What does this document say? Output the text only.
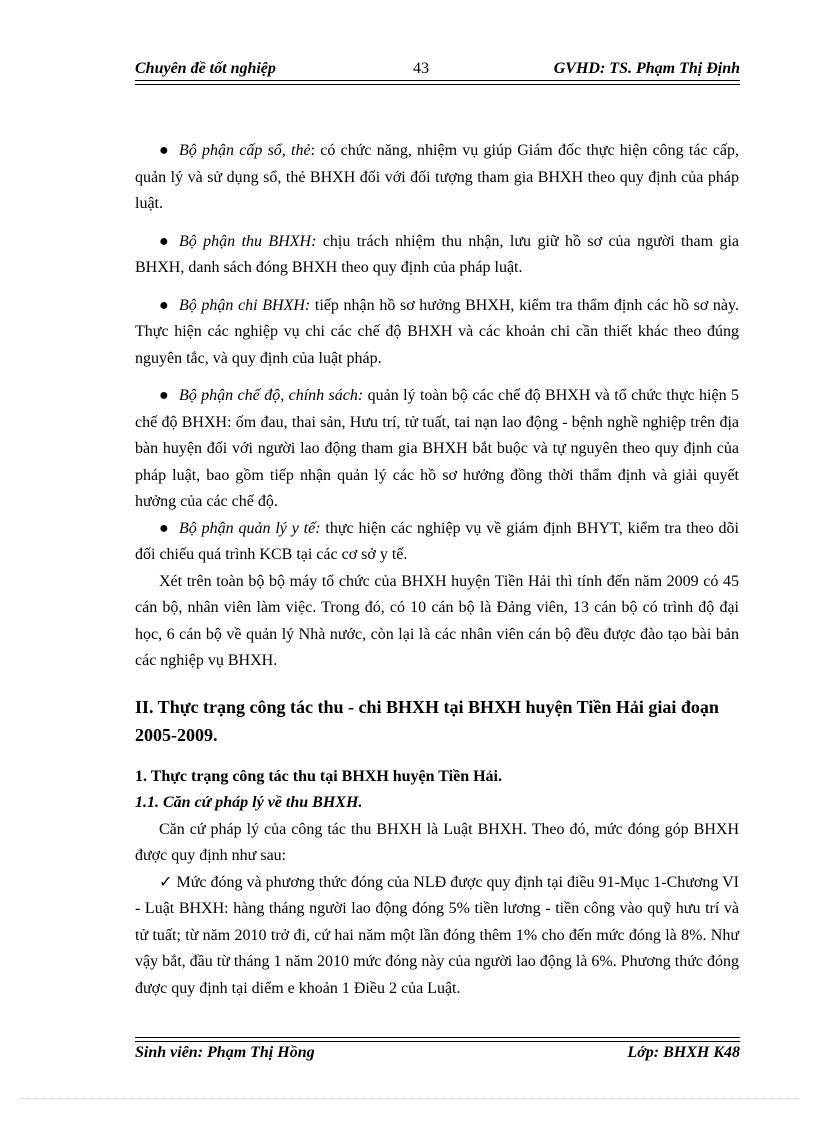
Chuyên đề tốt nghiệp	43	GVHD: TS. Phạm Thị Định

● Bộ phận cấp sổ, thẻ: có chức năng, nhiệm vụ giúp Giám đốc thực hiện công tác cấp, quản lý và sử dụng sổ, thẻ BHXH đối với đối tượng tham gia BHXH theo quy định của pháp luật.

● Bộ phận thu BHXH: chịu trách nhiệm thu nhận, lưu giữ hồ sơ của người tham gia BHXH, danh sách đóng BHXH theo quy định của pháp luật.

● Bộ phận chi BHXH: tiếp nhận hồ sơ hưởng BHXH, kiểm tra thẩm định các hồ sơ này. Thực hiện các nghiệp vụ chi các chế độ BHXH và các khoản chi cần thiết khác theo đúng nguyên tắc, và quy định của luật pháp.

● Bộ phận chế độ, chính sách: quản lý toàn bộ các chế độ BHXH và tổ chức thực hiện 5 chế độ BHXH: ốm đau, thai sản, Hưu trí, tử tuất, tai nạn lao động - bệnh nghề nghiệp trên địa bàn huyện đối với người lao động tham gia BHXH bắt buộc và tự nguyên theo quy định của pháp luật, bao gồm tiếp nhận quản lý các hồ sơ hưởng đồng thời thẩm định và giải quyết hưởng của các chế độ.

● Bộ phận quản lý y tế: thực hiện các nghiệp vụ về giám định BHYT, kiểm tra theo dõi đối chiếu quá trình KCB tại các cơ sở y tế.

Xét trên toàn bộ bộ máy tổ chức của BHXH huyện Tiền Hải thì tính đến năm 2009 có 45 cán bộ, nhân viên làm việc. Trong đó, có 10 cán bộ là Đảng viên, 13 cán bộ có trình độ đại học, 6 cán bộ về quản lý Nhà nước, còn lại là các nhân viên cán bộ đều được đào tạo bài bản các nghiệp vụ BHXH.

II. Thực trạng công tác thu - chi BHXH tại BHXH huyện Tiền Hải giai đoạn 2005-2009.

1. Thực trạng công tác thu tại BHXH huyện Tiền Hải.

1.1. Căn cứ pháp lý về thu BHXH.

Căn cứ pháp lý của công tác thu BHXH là Luật BHXH. Theo đó, mức đóng góp BHXH được quy định như sau:

✓ Mức đóng và phương thức đóng của NLĐ được quy định tại điều 91-Mục 1-Chương VI - Luật BHXH: hàng tháng người lao động đóng 5% tiền lương - tiền công vào quỹ hưu trí và tử tuất; từ năm 2010 trở đi, cứ hai năm một lần đóng thêm 1% cho đến mức đóng là 8%. Như vậy bắt, đầu từ tháng 1 năm 2010 mức đóng này của người lao động là 6%. Phương thức đóng được quy định tại diểm e khoản 1 Điều 2 của Luật.

Sinh viên: Phạm Thị Hồng	Lớp: BHXH K48
